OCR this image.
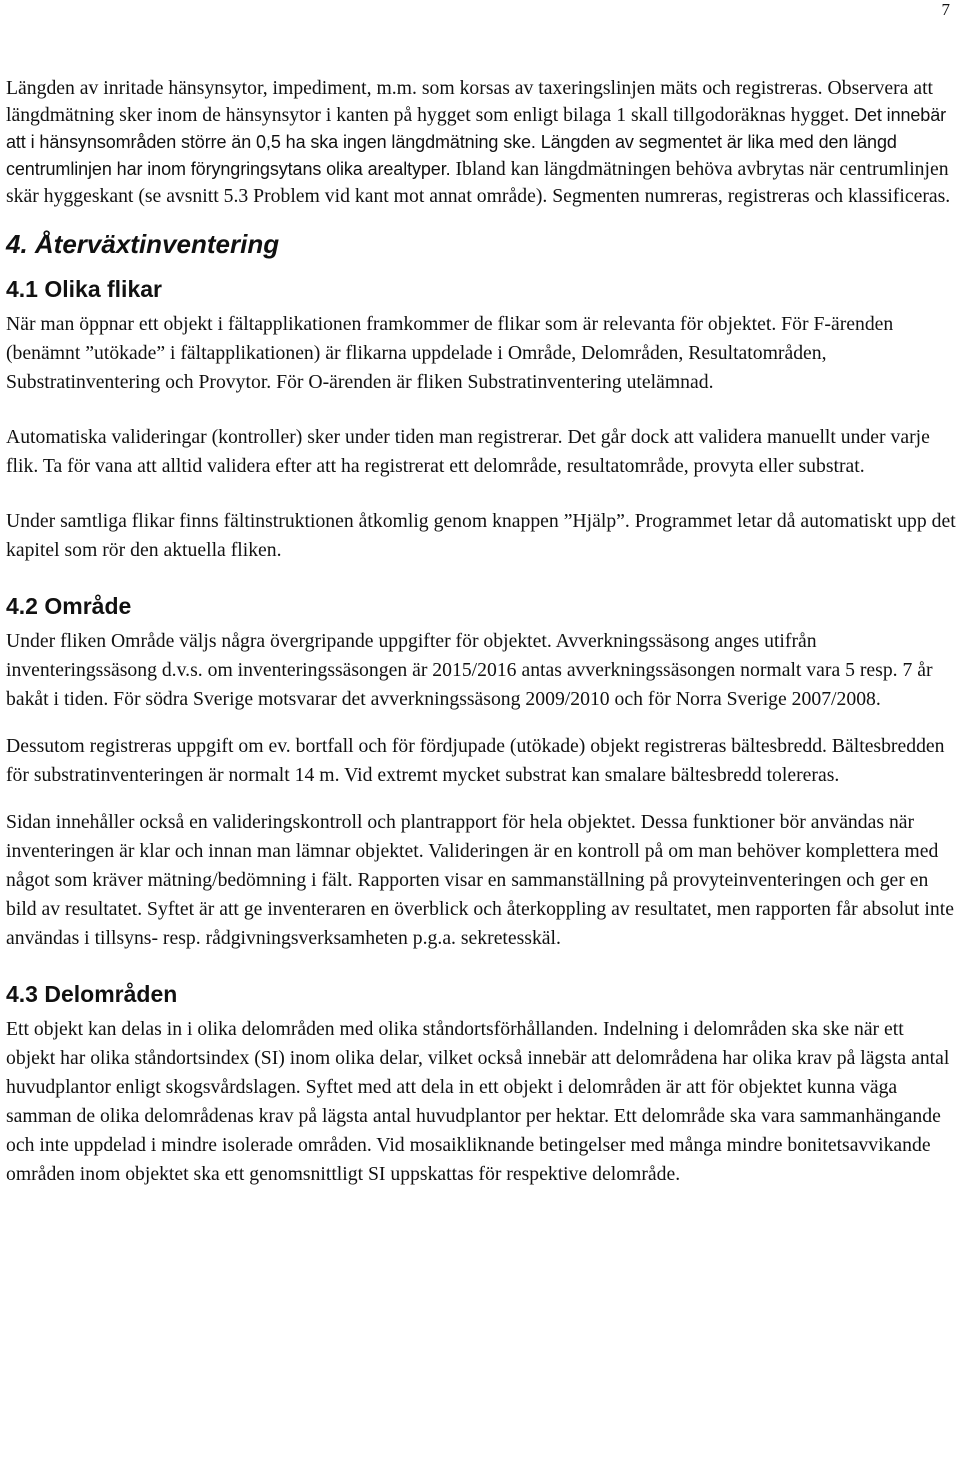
7

Längden av inritade hänsynsytor, impediment, m.m. som korsas av taxeringslinjen mäts och registreras. Observera att längdmätning sker inom de hänsynsytor i kanten på hygget som enligt bilaga 1 skall tillgodoräknas hygget. Det innebär att i hänsynsområden större än 0,5 ha ska ingen längdmätning ske. Längden av segmentet är lika med den längd centrumlinjen har inom föryngringsytans olika arealtyper. Ibland kan längdmätningen behöva avbrytas när centrumlinjen skär hyggeskant (se avsnitt 5.3 Problem vid kant mot annat område). Segmenten numreras, registreras och klassificeras.

4. Återväxtinventering
4.1 Olika flikar

När man öppnar ett objekt i fältapplikationen framkommer de flikar som är relevanta för objektet. För F-ärenden (benämnt ”utökade” i fältapplikationen) är flikarna uppdelade i Område, Delområden, Resultatområden, Substratinventering och Provytor. För O-ärenden är fliken Substratinventering utelämnad.

Automatiska valideringar (kontroller) sker under tiden man registrerar. Det går dock att validera manuellt under varje flik. Ta för vana att alltid validera efter att ha registrerat ett delområde, resultatområde, provyta eller substrat.

Under samtliga flikar finns fältinstruktionen åtkomlig genom knappen ”Hjälp”. Programmet letar då automatiskt upp det kapitel som rör den aktuella fliken.

4.2 Område

Under fliken Område väljs några övergripande uppgifter för objektet. Avverkningssäsong anges utifrån inventeringssäsong d.v.s. om inventeringssäsongen är 2015/2016 antas avverkningssäsongen normalt vara 5 resp. 7 år bakåt i tiden. För södra Sverige motsvarar det avverkningssäsong 2009/2010 och för Norra Sverige 2007/2008.

Dessutom registreras uppgift om ev. bortfall och för fördjupade (utökade) objekt registreras bältesbredd. Bältesbredden för substratinventeringen är normalt 14 m. Vid extremt mycket substrat kan smalare bältesbredd tolereras.

Sidan innehåller också en valideringskontroll och plantrapport för hela objektet. Dessa funktioner bör användas när inventeringen är klar och innan man lämnar objektet. Valideringen är en kontroll på om man behöver komplettera med något som kräver mätning/bedömning i fält. Rapporten visar en sammanställning på provyteinventeringen och ger en bild av resultatet. Syftet är att ge inventeraren en överblick och återkoppling av resultatet, men rapporten får absolut inte användas i tillsyns- resp. rådgivningsverksamheten p.g.a. sekretesskäl.

4.3 Delområden

Ett objekt kan delas in i olika delområden med olika ståndortsförhållanden. Indelning i delområden ska ske när ett objekt har olika ståndortsindex (SI) inom olika delar, vilket också innebär att delområdena har olika krav på lägsta antal huvudplantor enligt skogsvårdslagen. Syftet med att dela in ett objekt i delområden är att för objektet kunna väga samman de olika delområdenas krav på lägsta antal huvudplantor per hektar. Ett delområde ska vara sammanhängande och inte uppdelad i mindre isolerade områden. Vid mosaikliknande betingelser med många mindre bonitetsavvikande områden inom objektet ska ett genomsnittligt SI uppskattas för respektive delområde.
